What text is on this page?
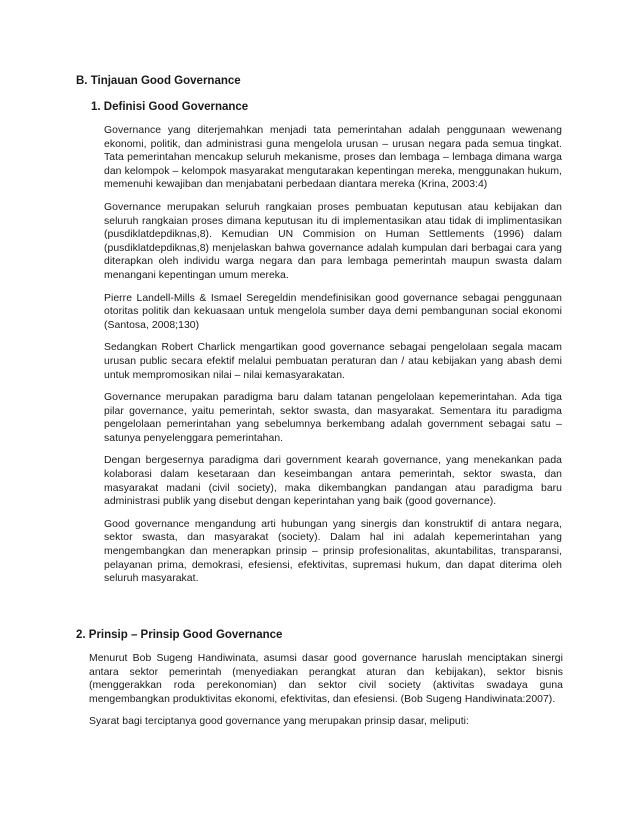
B. Tinjauan Good Governance
1. Definisi Good Governance

Governance yang diterjemahkan menjadi tata pemerintahan adalah penggunaan wewenang ekonomi, politik, dan administrasi guna mengelola urusan – urusan negara pada semua tingkat. Tata pemerintahan mencakup seluruh mekanisme, proses dan lembaga – lembaga dimana warga dan kelompok – kelompok masyarakat mengutarakan kepentingan mereka, menggunakan hukum, memenuhi kewajiban dan menjabatani perbedaan diantara mereka (Krina, 2003:4)

Governance merupakan seluruh rangkaian proses pembuatan keputusan atau kebijakan dan seluruh rangkaian proses dimana keputusan itu di implementasikan atau tidak di implimentasikan (pusdiklatdepdiknas,8). Kemudian UN Commision on Human Settlements (1996) dalam (pusdiklatdepdiknas,8) menjelaskan bahwa governance adalah kumpulan dari berbagai cara yang diterapkan oleh individu warga negara dan para lembaga pemerintah maupun swasta dalam menangani kepentingan umum mereka.

Pierre Landell-Mills & Ismael Seregeldin mendefinisikan good governance sebagai penggunaan otoritas politik dan kekuasaan untuk mengelola sumber daya demi pembangunan social ekonomi (Santosa, 2008;130)

Sedangkan Robert Charlick mengartikan good governance sebagai pengelolaan segala macam urusan public secara efektif melalui pembuatan peraturan dan / atau kebijakan yang abash demi untuk mempromosikan nilai – nilai kemasyarakatan.

Governance merupakan paradigma baru dalam tatanan pengelolaan kepemerintahan. Ada tiga pilar governance, yaitu pemerintah, sektor swasta, dan masyarakat. Sementara itu paradigma pengelolaan pemerintahan yang sebelumnya berkembang adalah government sebagai satu – satunya penyelenggara pemerintahan.

Dengan bergesernya paradigma dari government kearah governance, yang menekankan pada kolaborasi dalam kesetaraan dan keseimbangan antara pemerintah, sektor swasta, dan masyarakat madani (civil society), maka dikembangkan pandangan atau paradigma baru administrasi publik yang disebut dengan keperintahan yang baik (good governance).

Good governance mengandung arti hubungan yang sinergis dan konstruktif di antara negara, sektor swasta, dan masyarakat (society). Dalam hal ini adalah kepemerintahan yang mengembangkan dan menerapkan prinsip – prinsip profesionalitas, akuntabilitas, transparansi, pelayanan prima, demokrasi, efesiensi, efektivitas, supremasi hukum, dan dapat diterima oleh seluruh masyarakat.

2. Prinsip – Prinsip Good Governance

Menurut Bob Sugeng Handiwinata, asumsi dasar good governance haruslah menciptakan sinergi antara sektor pemerintah (menyediakan perangkat aturan dan kebijakan), sektor bisnis (menggerakkan roda perekonomian) dan sektor civil society (aktivitas swadaya guna mengembangkan produktivitas ekonomi, efektivitas, dan efesiensi. (Bob Sugeng Handiwinata:2007).

Syarat bagi terciptanya good governance yang merupakan prinsip dasar, meliputi:
